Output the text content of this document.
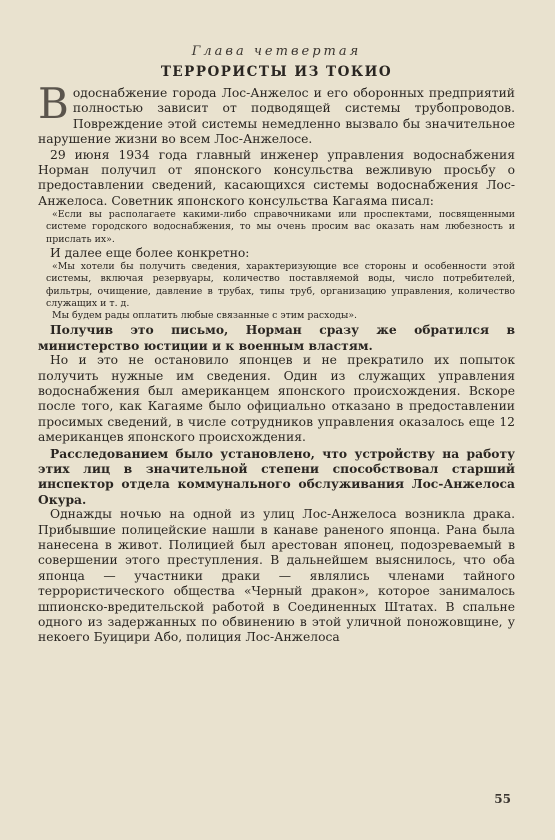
Глава четвертая
ТЕРРОРИСТЫ ИЗ ТОКИО

Водоснабжение города Лос-Анжелос и его оборонных предприятий полностью зависит от подводящей системы трубопроводов. Повреждение этой системы немедленно вызвало бы значительное нарушение жизни во всем Лос-Анжелосе.

29 июня 1934 года главный инженер управления водоснабжения Норман получил от японского консульства вежливую просьбу о предоставлении сведений, касающихся системы водоснабжения Лос-Анжелоса. Советник японского консульства Кагаяма писал:

«Если вы располагаете какими-либо справочниками или проспектами, посвященными системе городского водоснабжения, то мы очень просим вас оказать нам любезность и прислать их».

И далее еще более конкретно:

«Мы хотели бы получить сведения, характеризующие все стороны и особенности этой системы, включая резервуары, количество поставляемой воды, число потребителей, фильтры, очищение, давление в трубах, типы труб, организацию управления, количество служащих и т. д.
Мы будем рады оплатить любые связанные с этим расходы».

Получив это письмо, Норман сразу же обратился в министерство юстиции и к военным властям.

Но и это не остановило японцев и не прекратило их попыток получить нужные им сведения. Один из служащих управления водоснабжения был американцем японского происхождения. Вскоре после того, как Кагаяме было официально отказано в предоставлении просимых сведений, в числе сотрудников управления оказалось еще 12 американцев японского происхождения.

Расследованием было установлено, что устройству на работу этих лиц в значительной степени способствовал старший инспектор отдела коммунального обслуживания Лос-Анжелоса Окура.

Однажды ночью на одной из улиц Лос-Анжелоса возникла драка. Прибывшие полицейские нашли в канаве раненого японца. Рана была нанесена в живот. Полицией был арестован японец, подозреваемый в совершении этого преступления. В дальнейшем выяснилось, что оба японца — участники драки — являлись членами тайного террористического общества «Черный дракон», которое занималось шпионско-вредительской работой в Соединенных Штатах. В спальне одного из задержанных по обвинению в этой уличной поножовщине, у некоего Буицири Або, полиция Лос-Анжелоса

55
